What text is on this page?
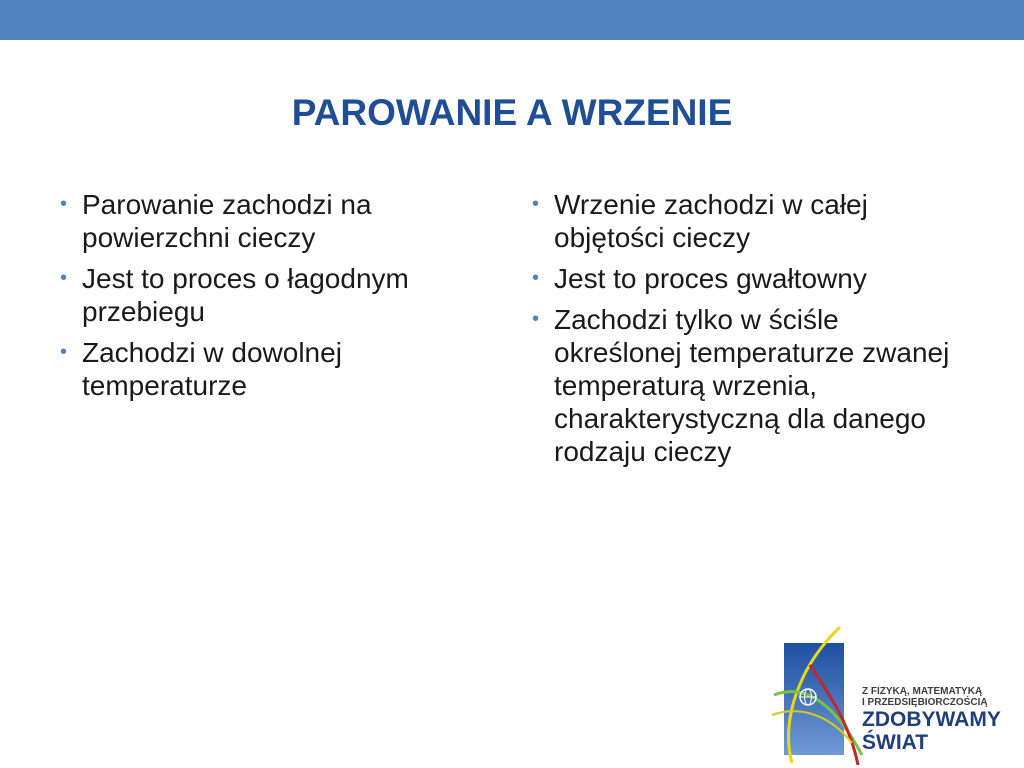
PAROWANIE A WRZENIE
• Parowanie zachodzi na powierzchni cieczy
• Jest to proces o łagodnym przebiegu
• Zachodzi w dowolnej temperaturze
• Wrzenie zachodzi w całej objętości cieczy
• Jest to proces gwałtowny
• Zachodzi tylko w ściśle określonej temperaturze zwanej temperaturą wrzenia, charakterystyczną dla danego rodzaju cieczy
Z FIZYKĄ, MATEMATYKĄ
I PRZEDSIĘBIORCZOŚCIĄ
ZDOBYWAMY
ŚWIAT
